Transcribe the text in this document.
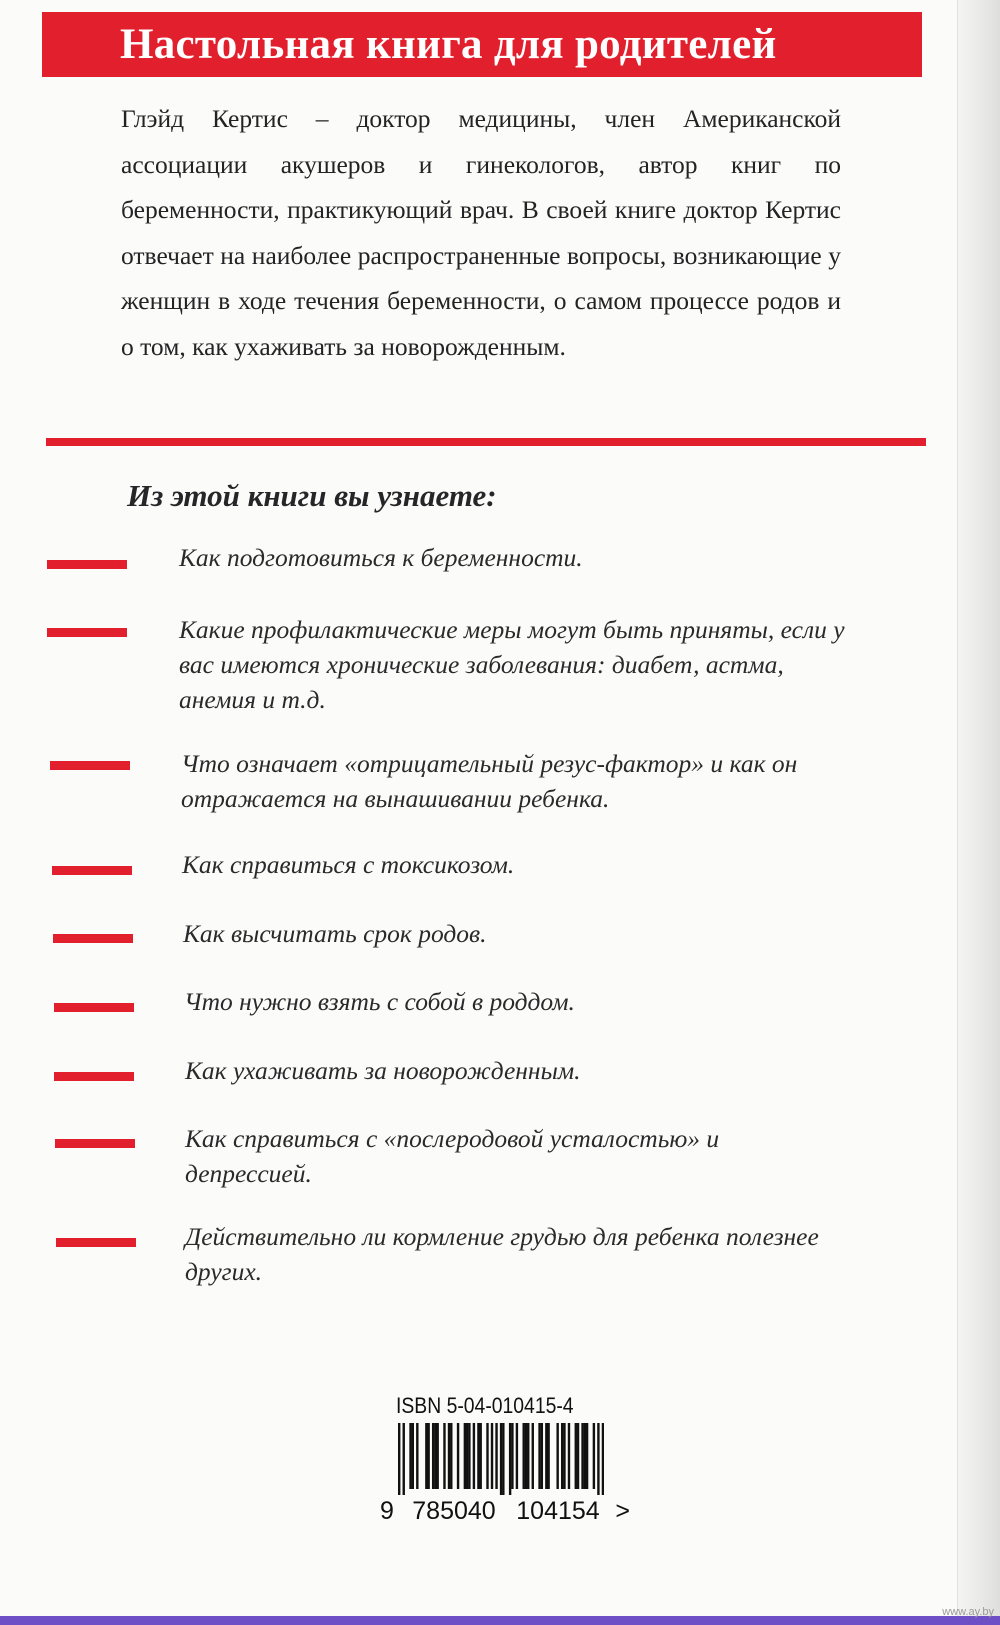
Настольная книга для родителей
Глэйд Кертис – доктор медицины, член Американской ассоциации акушеров и гинекологов, автор книг по беременности, практикующий врач. В своей книге доктор Кертис отвечает на наиболее распространенные вопросы, возникающие у женщин в ходе течения беременности, о самом процессе родов и о том, как ухаживать за новорожденным.
Из этой книги вы узнаете:
Как подготовиться к беременности.
Какие профилактические меры могут быть приняты, если у вас имеются хронические заболевания: диабет, астма, анемия и т.д.
Что означает «отрицательный резус-фактор» и как он отражается на вынашивании ребенка.
Как справиться с токсикозом.
Как высчитать срок родов.
Что нужно взять с собой в роддом.
Как ухаживать за новорожденным.
Как справиться с «послеродовой усталостью» и депрессией.
Действительно ли кормление грудью для ребенка полезнее других.
ISBN 5-04-010415-4
9 785040 104154 >
www.ay.by
